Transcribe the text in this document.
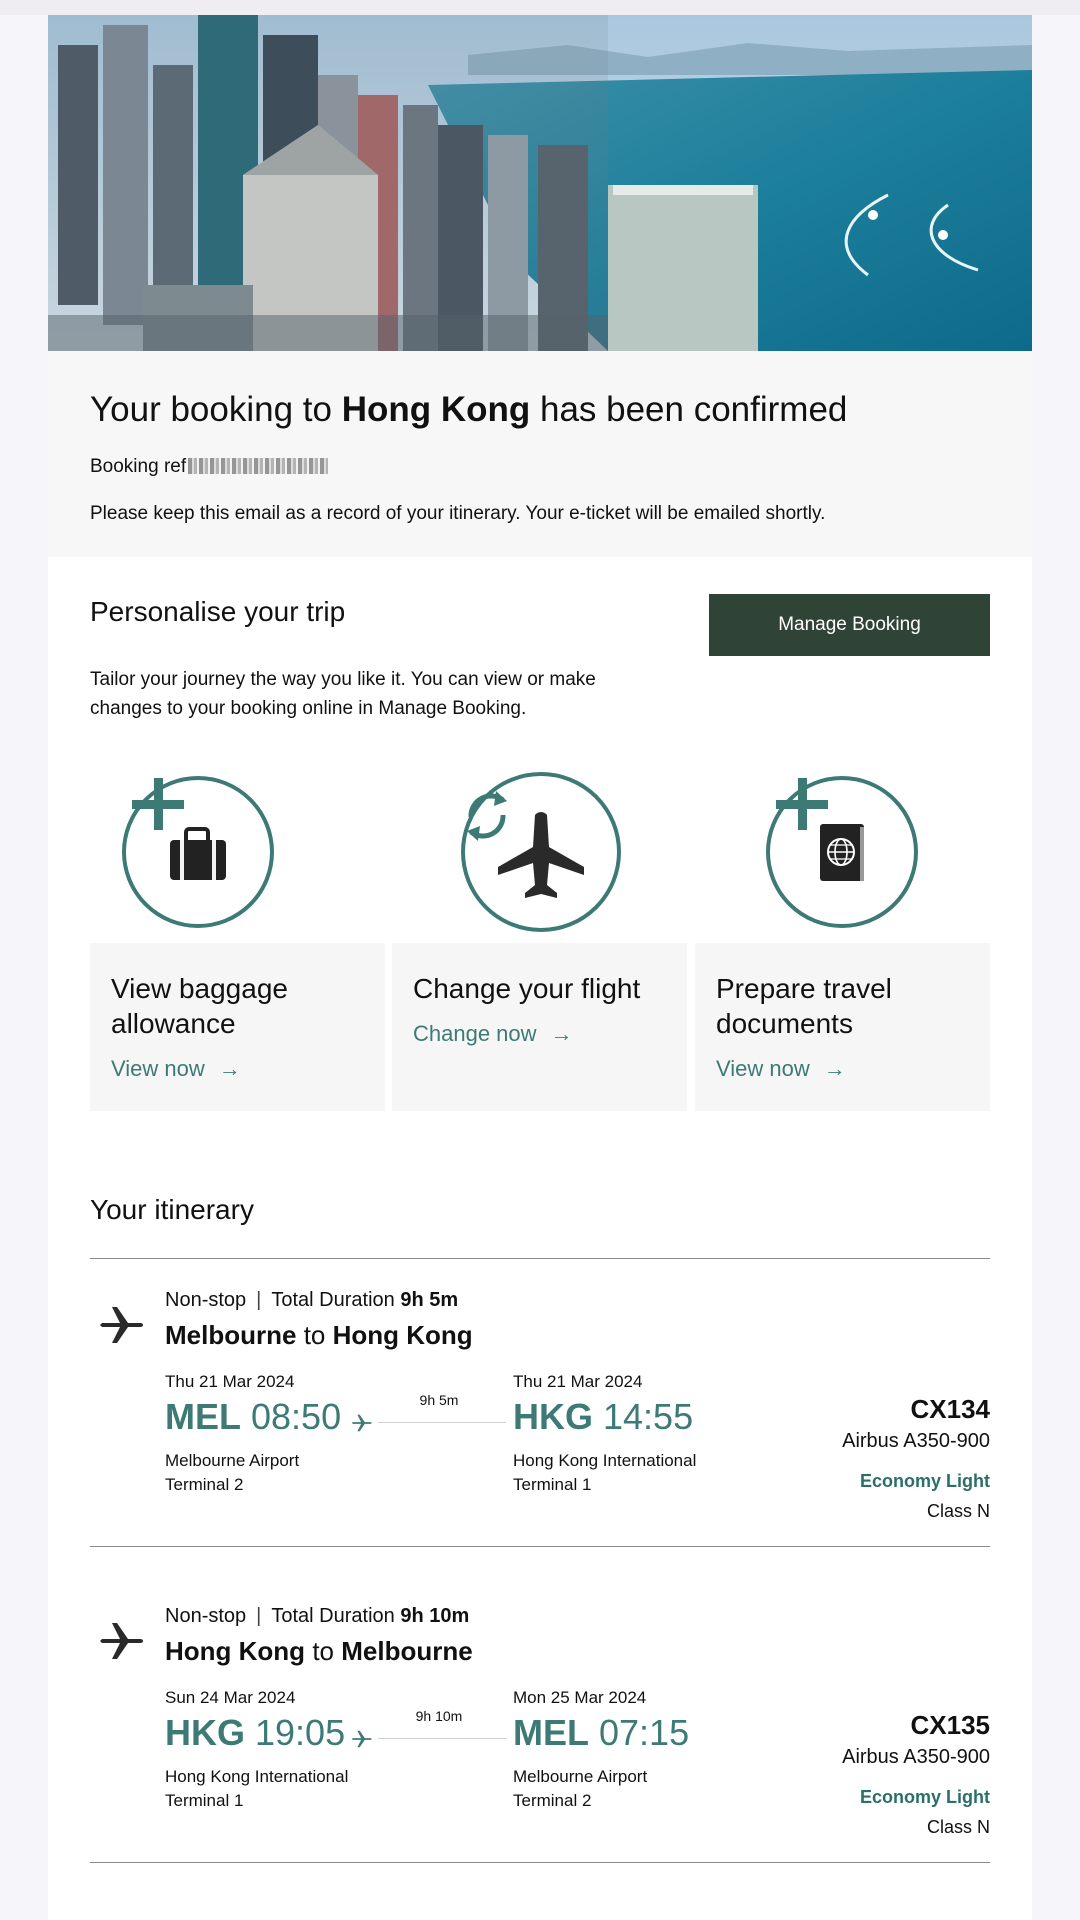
Your booking to Hong Kong has been confirmed
Booking ref
Please keep this email as a record of your itinerary. Your e-ticket will be emailed shortly.
Personalise your trip	Manage Booking
Tailor your journey the way you like it. You can view or make changes to your booking online in Manage Booking.
View baggage allowance
View now →
Change your flight
Change now →
Prepare travel documents
View now →
Your itinerary
Non-stop | Total Duration 9h 5m
Melbourne to Hong Kong
Thu 21 Mar 2024
MEL 08:50
Melbourne Airport
Terminal 2
9h 5m
Thu 21 Mar 2024
HKG 14:55
Hong Kong International
Terminal 1
CX134
Airbus A350-900
Economy Light
Class N
Non-stop | Total Duration 9h 10m
Hong Kong to Melbourne
Sun 24 Mar 2024
HKG 19:05
Hong Kong International
Terminal 1
9h 10m
Mon 25 Mar 2024
MEL 07:15
Melbourne Airport
Terminal 2
CX135
Airbus A350-900
Economy Light
Class N
